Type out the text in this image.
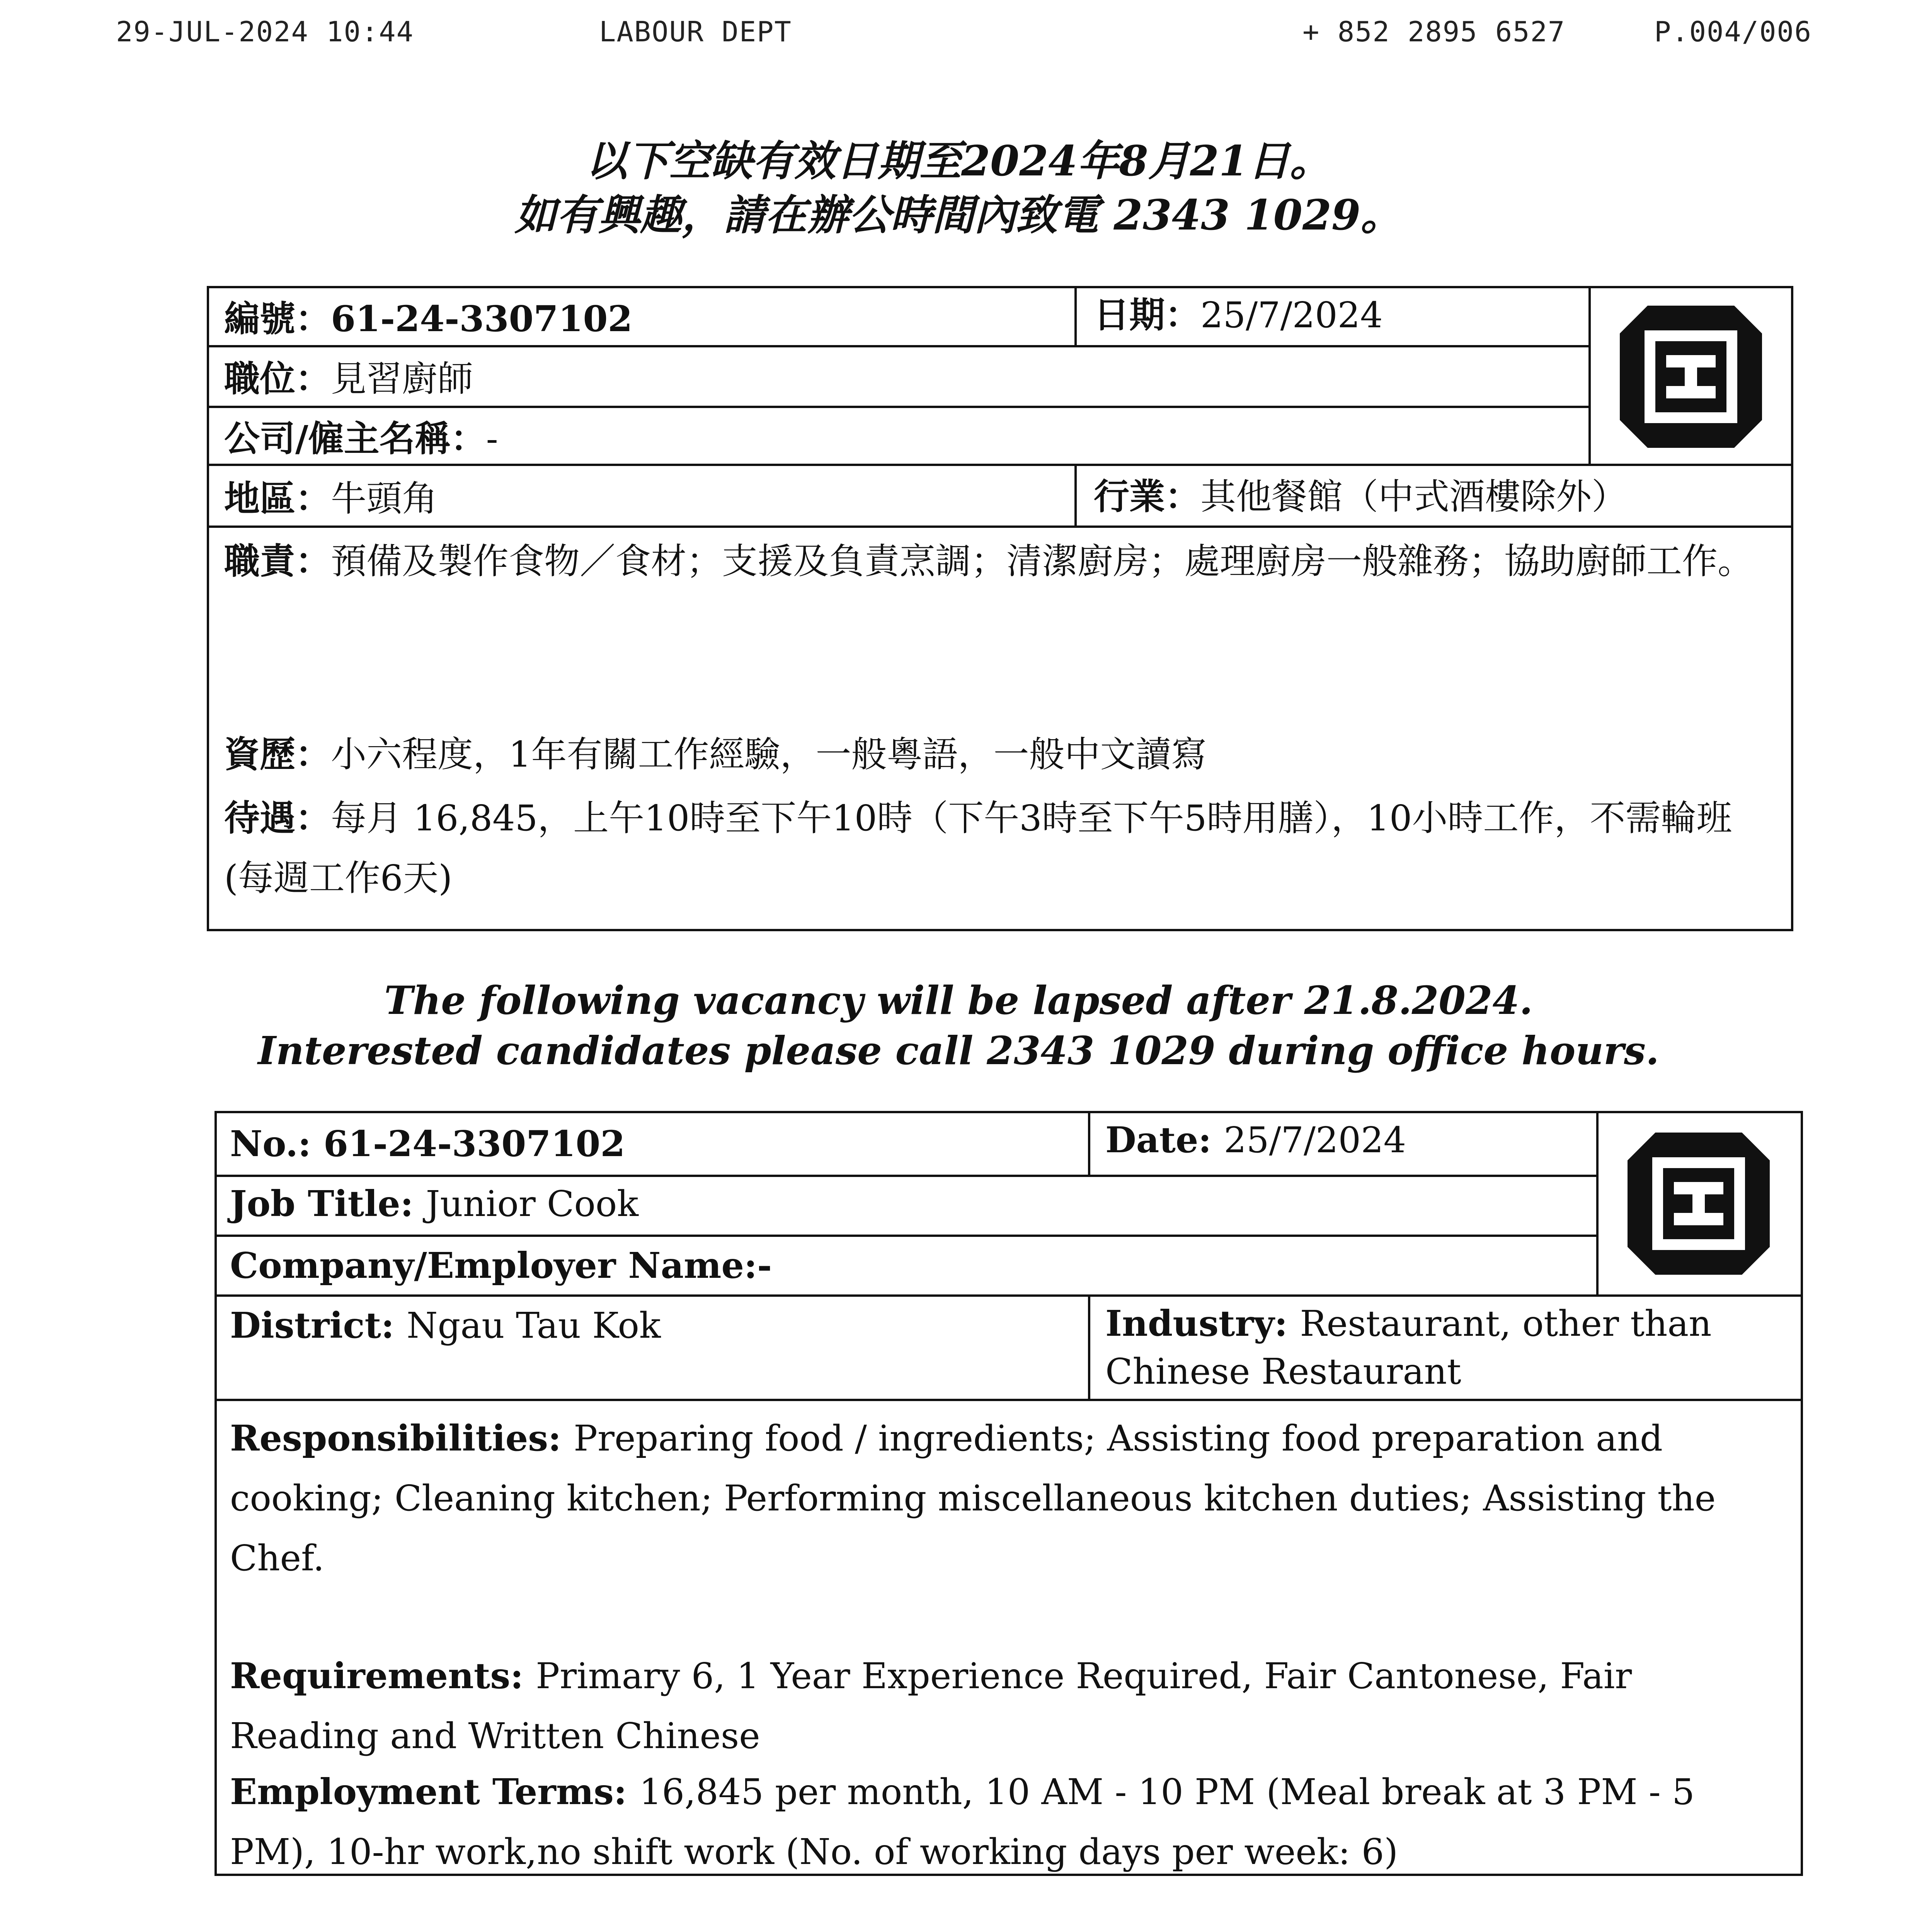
29-JUL-2024 10:44	LABOUR DEPT	+ 852 2895 6527	P.004/006
以下空缺有效日期至2024年8月21日。
如有興趣，請在辦公時間內致電 2343 1029。
編號：61-24-3307102	日期：25/7/2024
職位：見習廚師
公司/僱主名稱：-
地區：牛頭角	行業：其他餐館（中式酒樓除外）
職責：預備及製作食物／食材；支援及負責烹調；清潔廚房；處理廚房一般雜務；協助廚師工作。
資歷：小六程度，1年有關工作經驗，一般粵語，一般中文讀寫
待遇：每月 16,845，上午10時至下午10時（下午3時至下午5時用膳），10小時工作，不需輪班(每週工作6天)
The following vacancy will be lapsed after 21.8.2024.
Interested candidates please call 2343 1029 during office hours.
No.: 61-24-3307102	Date: 25/7/2024
Job Title: Junior Cook
Company/Employer Name:-
District: Ngau Tau Kok	Industry: Restaurant, other than
Chinese Restaurant
Responsibilities: Preparing food / ingredients; Assisting food preparation and cooking; Cleaning kitchen; Performing miscellaneous kitchen duties; Assisting the Chef.
Requirements: Primary 6, 1 Year Experience Required, Fair Cantonese, Fair Reading and Written Chinese
Employment Terms: 16,845 per month, 10 AM - 10 PM (Meal break at 3 PM - 5 PM), 10-hr work,no shift work (No. of working days per week: 6)
